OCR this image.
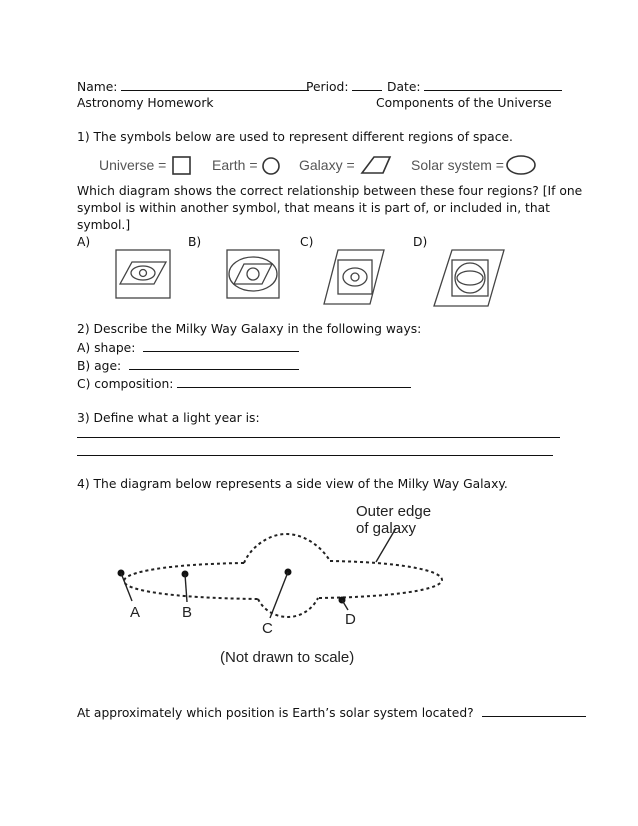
Name:	Period:	Date:
Astronomy Homework	Components of the Universe
1) The symbols below are used to represent different regions of space.
Universe =	Earth =	Galaxy =	Solar system =
Which diagram shows the correct relationship between these four regions? [If one
symbol is within another symbol, that means it is part of, or included in, that
symbol.]
A)	B)	C)	D)
2) Describe the Milky Way Galaxy in the following ways:
A) shape:
B) age:
C) composition:
3) Define what a light year is:
4) The diagram below represents a side view of the Milky Way Galaxy.
Outer edge
of galaxy
A	B
C
D
(Not drawn to scale)
At approximately which position is Earth’s solar system located?
